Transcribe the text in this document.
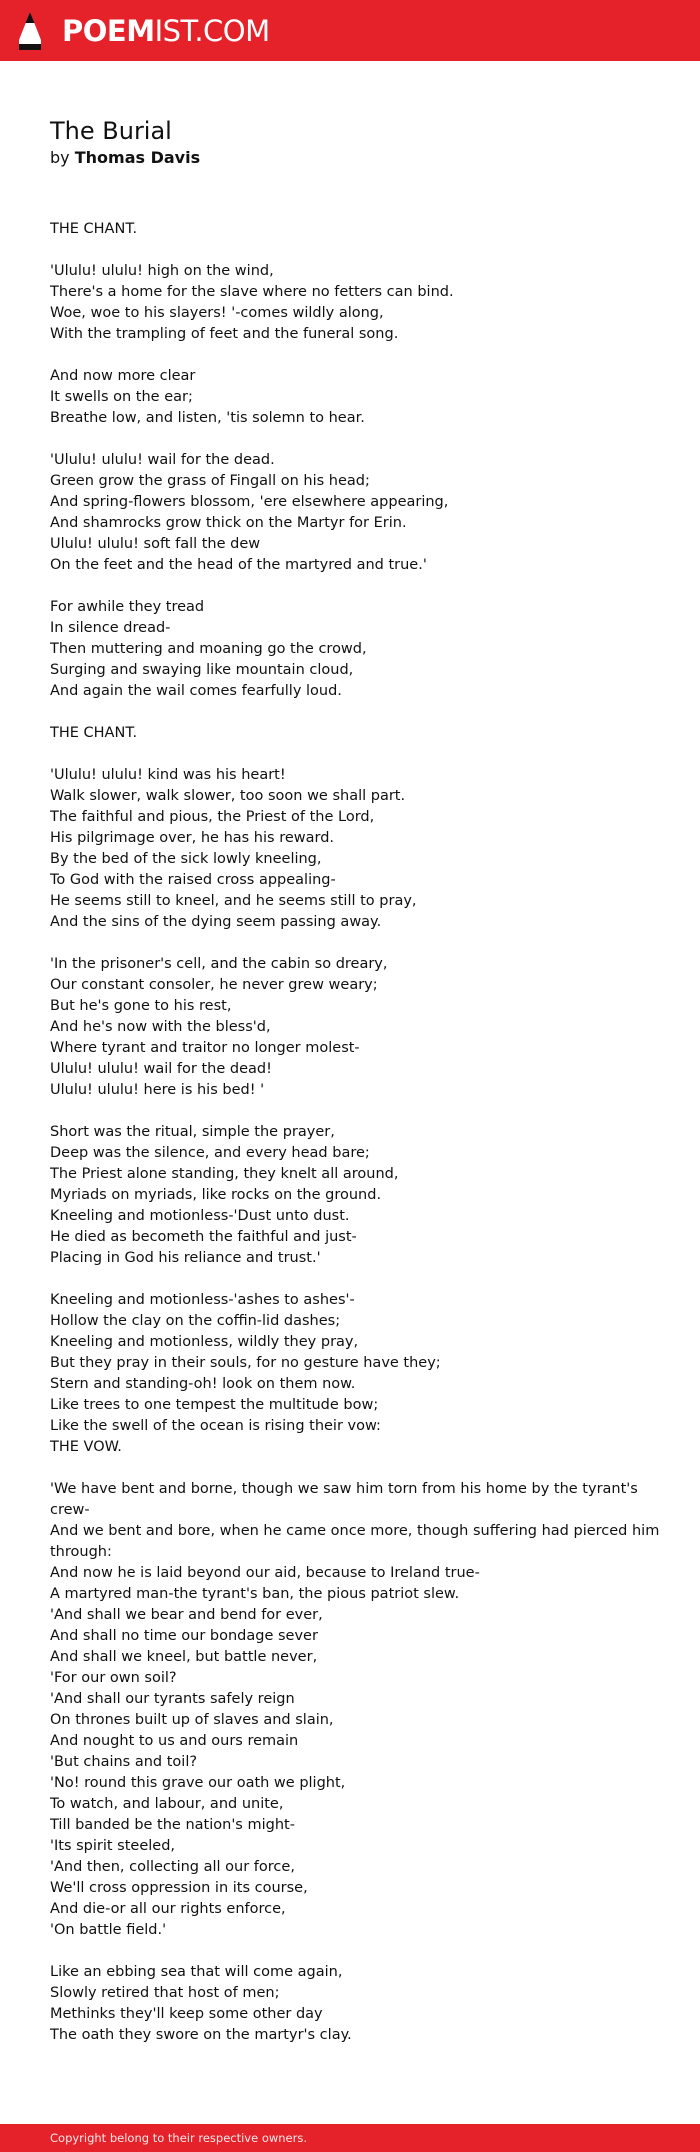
POEMIST.COM
The Burial
by Thomas Davis
THE CHANT.
'Ululu! ululu! high on the wind,
There's a home for the slave where no fetters can bind.
Woe, woe to his slayers! '-comes wildly along,
With the trampling of feet and the funeral song.
And now more clear
It swells on the ear;
Breathe low, and listen, 'tis solemn to hear.
'Ululu! ululu! wail for the dead.
Green grow the grass of Fingall on his head;
And spring-flowers blossom, 'ere elsewhere appearing,
And shamrocks grow thick on the Martyr for Erin.
Ululu! ululu! soft fall the dew
On the feet and the head of the martyred and true.'
For awhile they tread
In silence dread-
Then muttering and moaning go the crowd,
Surging and swaying like mountain cloud,
And again the wail comes fearfully loud.
THE CHANT.
'Ululu! ululu! kind was his heart!
Walk slower, walk slower, too soon we shall part.
The faithful and pious, the Priest of the Lord,
His pilgrimage over, he has his reward.
By the bed of the sick lowly kneeling,
To God with the raised cross appealing-
He seems still to kneel, and he seems still to pray,
And the sins of the dying seem passing away.
'In the prisoner's cell, and the cabin so dreary,
Our constant consoler, he never grew weary;
But he's gone to his rest,
And he's now with the bless'd,
Where tyrant and traitor no longer molest-
Ululu! ululu! wail for the dead!
Ululu! ululu! here is his bed! '
Short was the ritual, simple the prayer,
Deep was the silence, and every head bare;
The Priest alone standing, they knelt all around,
Myriads on myriads, like rocks on the ground.
Kneeling and motionless-'Dust unto dust.
He died as becometh the faithful and just-
Placing in God his reliance and trust.'
Kneeling and motionless-'ashes to ashes'-
Hollow the clay on the coffin-lid dashes;
Kneeling and motionless, wildly they pray,
But they pray in their souls, for no gesture have they;
Stern and standing-oh! look on them now.
Like trees to one tempest the multitude bow;
Like the swell of the ocean is rising their vow:
THE VOW.
'We have bent and borne, though we saw him torn from his home by the tyrant's crew-
And we bent and bore, when he came once more, though suffering had pierced him through:
And now he is laid beyond our aid, because to Ireland true-
A martyred man-the tyrant's ban, the pious patriot slew.
'And shall we bear and bend for ever,
And shall no time our bondage sever
And shall we kneel, but battle never,
'For our own soil?
'And shall our tyrants safely reign
On thrones built up of slaves and slain,
And nought to us and ours remain
'But chains and toil?
'No! round this grave our oath we plight,
To watch, and labour, and unite,
Till banded be the nation's might-
'Its spirit steeled,
'And then, collecting all our force,
We'll cross oppression in its course,
And die-or all our rights enforce,
'On battle field.'
Like an ebbing sea that will come again,
Slowly retired that host of men;
Methinks they'll keep some other day
The oath they swore on the martyr's clay.
Copyright belong to their respective owners.
